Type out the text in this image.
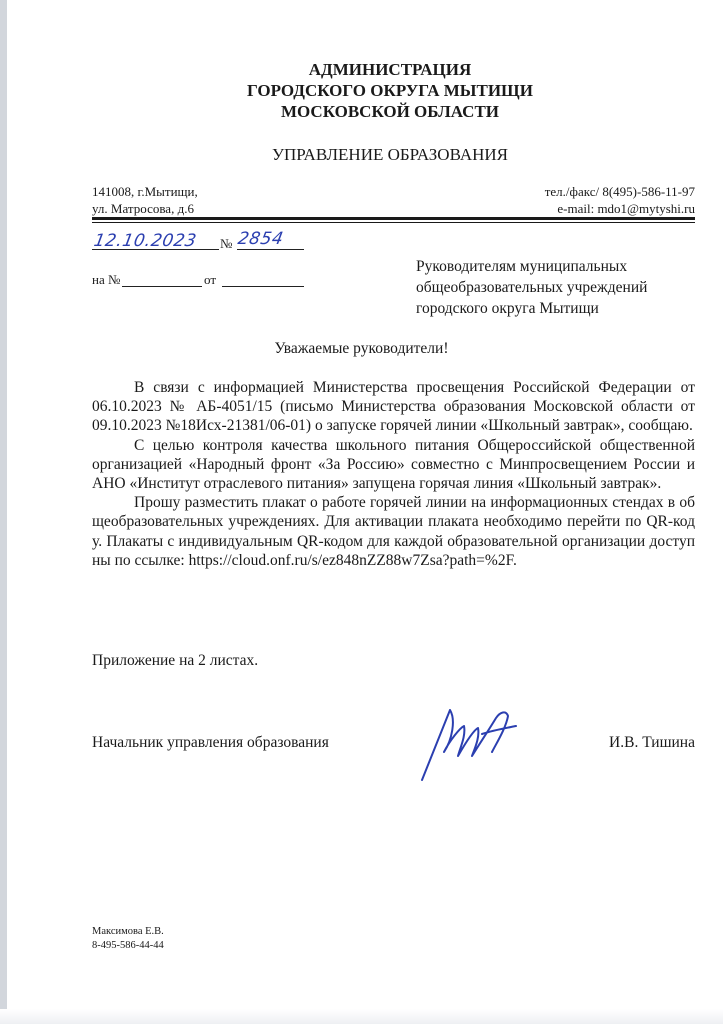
АДМИНИСТРАЦИЯ
ГОРОДСКОГО ОКРУГА МЫТИЩИ
МОСКОВСКОЙ ОБЛАСТИ
УПРАВЛЕНИЕ ОБРАЗОВАНИЯ
141008, г.Мытищи,
ул. Матросова, д.6
тел./факс/ 8(495)-586-11-97
e-mail: mdo1@mytyshi.ru
12.10.2023 № 2854
на №	от
Руководителям муниципальных
общеобразовательных учреждений
городского округа Мытищи
Уважаемые руководители!

В связи с информацией Министерства просвещения Российской Федерации от 06.10.2023 № АБ-4051/15 (письмо Министерства образования Московской области от 09.10.2023 №18Исх-21381/06-01) о запуске горячей линии «Школьный завтрак», сообщаю.

С целью контроля качества школьного питания Общероссийской общественной организацией «Народный фронт «За Россию» совместно с Минпросвещением России и АНО «Институт отраслевого питания» запущена горячая линия «Школьный завтрак».

Прошу разместить плакат о работе горячей линии на информационных стендах в общеобразовательных учреждениях. Для активации плаката необходимо перейти по QR-коду. Плакаты с индивидуальным QR-кодом для каждой образовательной организации доступны по ссылке: https://cloud.onf.ru/s/ez848nZZ88w7Zsa?path=%2F.

Приложение на 2 листах.
Начальник управления образования	И.В. Тишина
Максимова Е.В.
8-495-586-44-44
